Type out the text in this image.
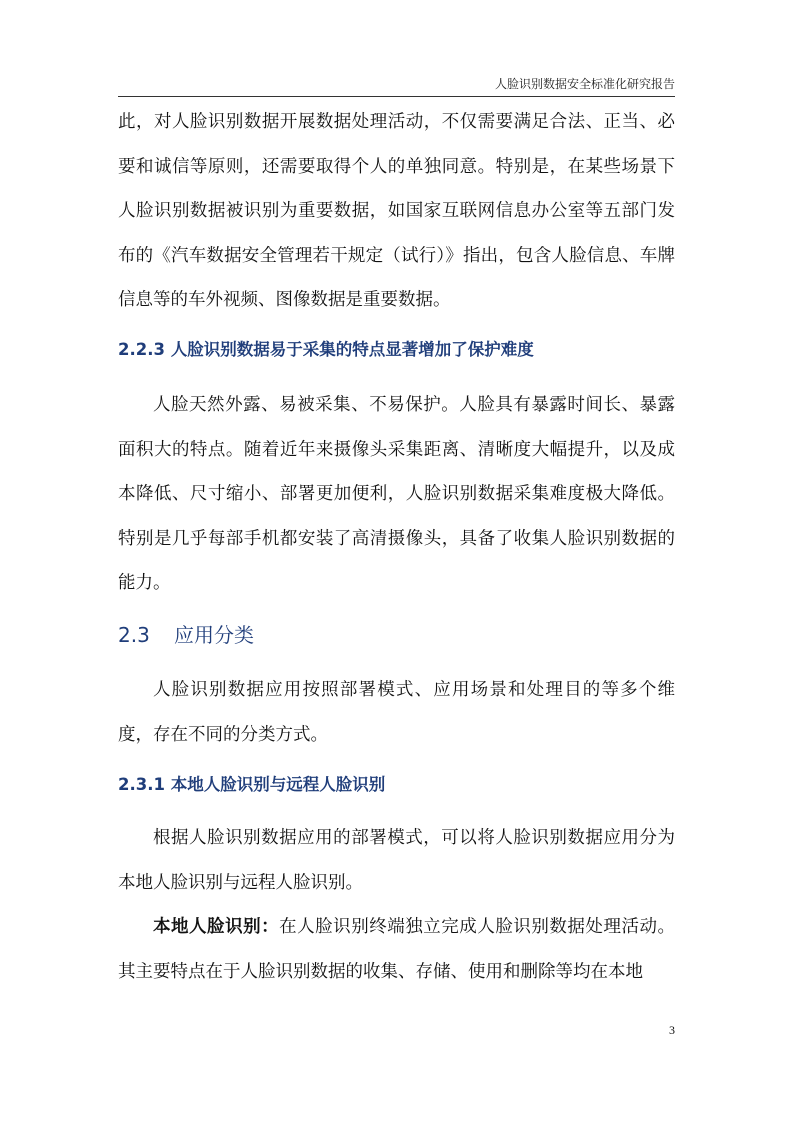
人脸识别数据安全标准化研究报告

此，对人脸识别数据开展数据处理活动，不仅需要满足合法、正当、必要和诚信等原则，还需要取得个人的单独同意。特别是，在某些场景下人脸识别数据被识别为重要数据，如国家互联网信息办公室等五部门发布的《汽车数据安全管理若干规定（试行）》指出，包含人脸信息、车牌信息等的车外视频、图像数据是重要数据。

2.2.3 人脸识别数据易于采集的特点显著增加了保护难度

人脸天然外露、易被采集、不易保护。人脸具有暴露时间长、暴露面积大的特点。随着近年来摄像头采集距离、清晰度大幅提升，以及成本降低、尺寸缩小、部署更加便利，人脸识别数据采集难度极大降低。特别是几乎每部手机都安装了高清摄像头，具备了收集人脸识别数据的能力。

2.3 应用分类

人脸识别数据应用按照部署模式、应用场景和处理目的等多个维度，存在不同的分类方式。

2.3.1 本地人脸识别与远程人脸识别

根据人脸识别数据应用的部署模式，可以将人脸识别数据应用分为本地人脸识别与远程人脸识别。

本地人脸识别：在人脸识别终端独立完成人脸识别数据处理活动。其主要特点在于人脸识别数据的收集、存储、使用和删除等均在本地

3
